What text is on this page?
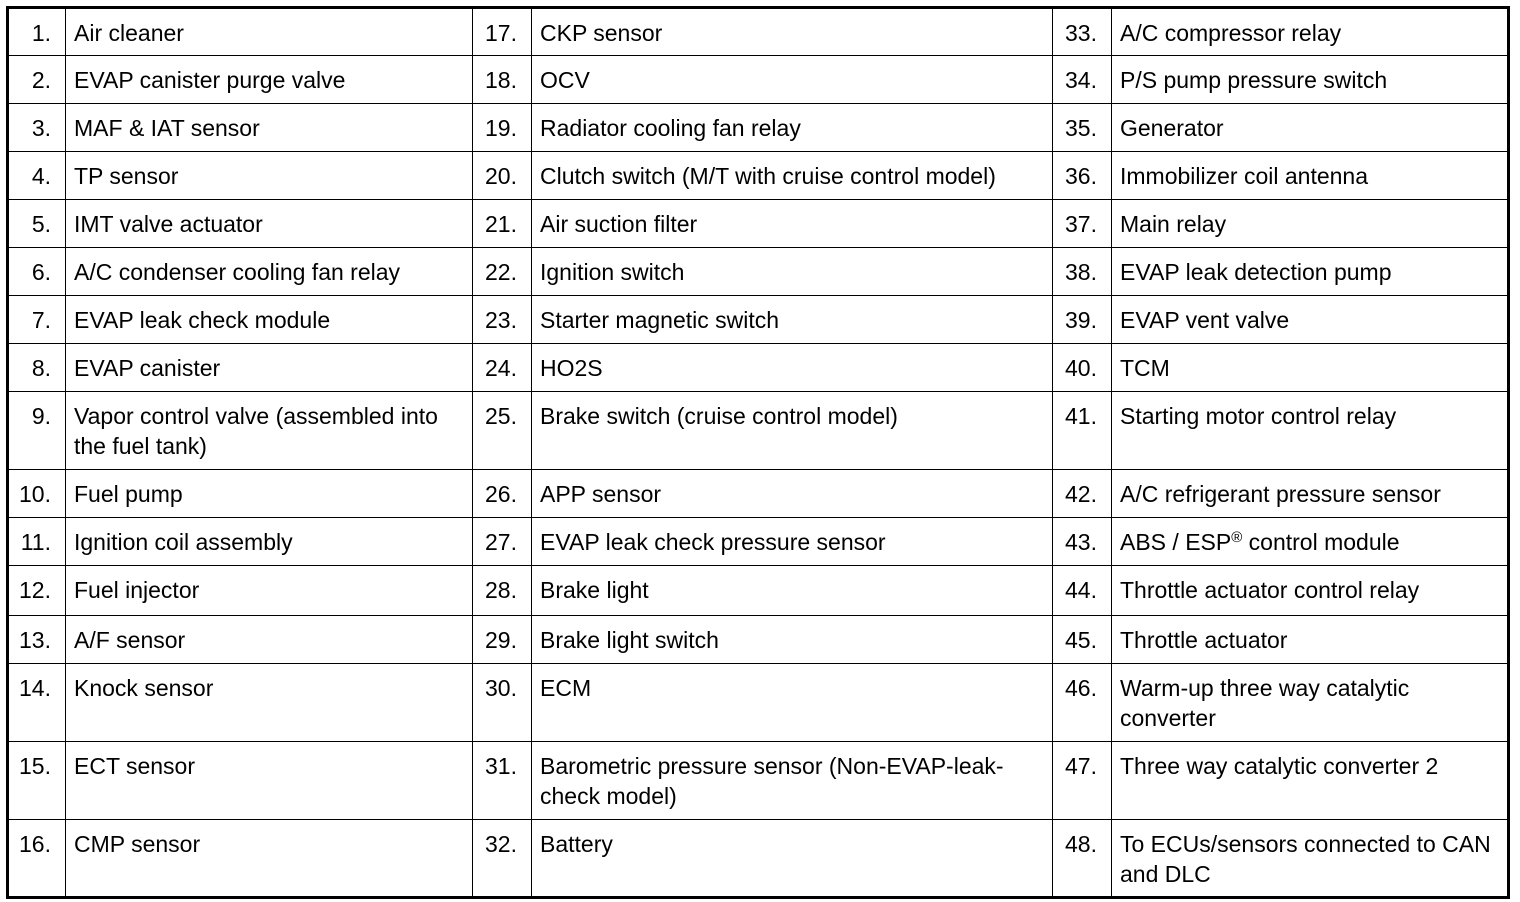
1.	Air cleaner	17.	CKP sensor	33.	A/C compressor relay
2.	EVAP canister purge valve	18.	OCV	34.	P/S pump pressure switch
3.	MAF & IAT sensor	19.	Radiator cooling fan relay	35.	Generator
4.	TP sensor	20.	Clutch switch (M/T with cruise control model)	36.	Immobilizer coil antenna
5.	IMT valve actuator	21.	Air suction filter	37.	Main relay
6.	A/C condenser cooling fan relay	22.	Ignition switch	38.	EVAP leak detection pump
7.	EVAP leak check module	23.	Starter magnetic switch	39.	EVAP vent valve
8.	EVAP canister	24.	HO2S	40.	TCM
9.	Vapor control valve (assembled into the fuel tank)	25.	Brake switch (cruise control model)	41.	Starting motor control relay
10.	Fuel pump	26.	APP sensor	42.	A/C refrigerant pressure sensor
11.	Ignition coil assembly	27.	EVAP leak check pressure sensor	43.	ABS / ESP® control module
12.	Fuel injector	28.	Brake light	44.	Throttle actuator control relay
13.	A/F sensor	29.	Brake light switch	45.	Throttle actuator
14.	Knock sensor	30.	ECM	46.	Warm-up three way catalytic converter
15.	ECT sensor	31.	Barometric pressure sensor (Non-EVAP-leak-check model)	47.	Three way catalytic converter 2
16.	CMP sensor	32.	Battery	48.	To ECUs/sensors connected to CAN and DLC
